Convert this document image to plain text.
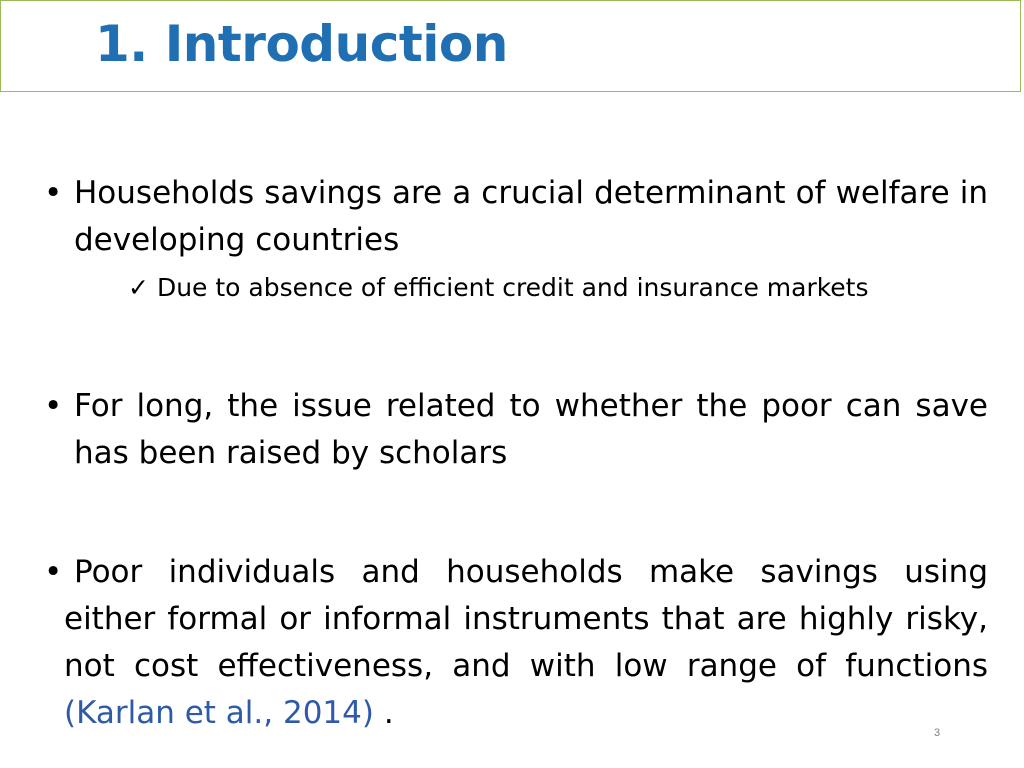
1. Introduction
• Households savings are a crucial determinant of welfare in developing countries
✓ Due to absence of efficient credit and insurance markets
• For long, the issue related to whether the poor can save has been raised by scholars
• Poor individuals and households make savings using either formal or informal instruments that are highly risky, not cost effectiveness, and with low range of functions (Karlan et al., 2014) .
3
